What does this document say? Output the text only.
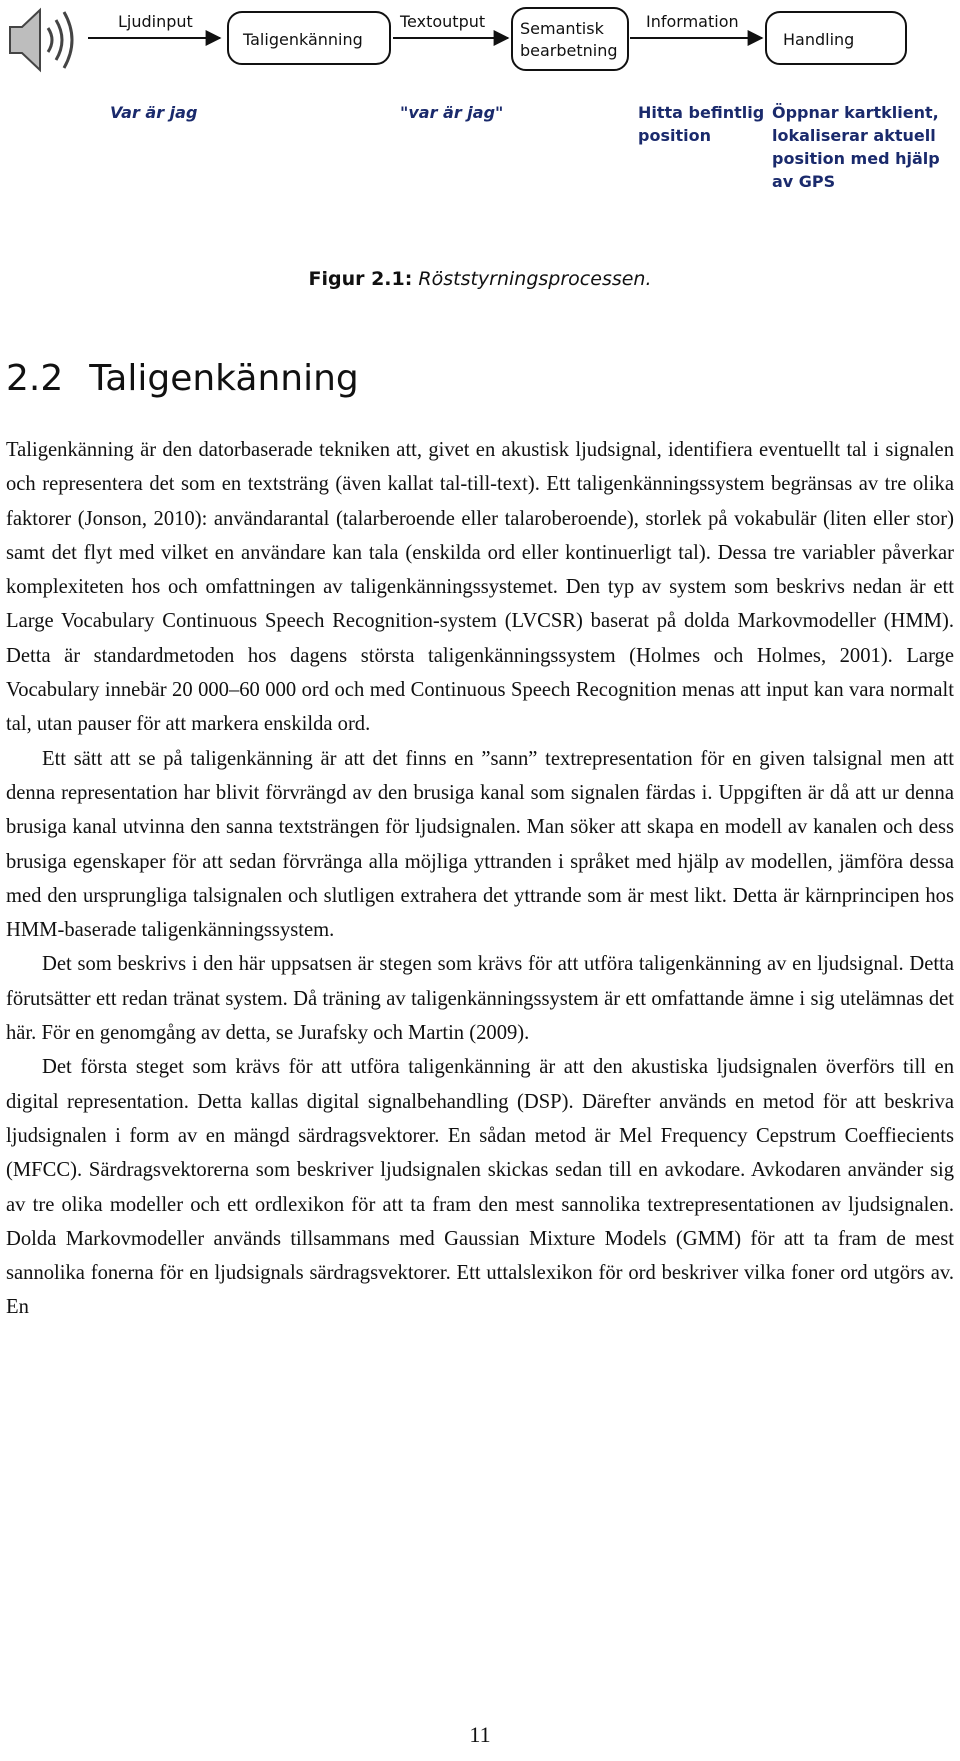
Ljudinput	Textoutput	Information
Taligenkänning
Semantisk
bearbetning
Handling
Var är jag	"var är jag"	Hitta befintlig
position
Öppnar kartklient,
lokaliserar aktuell
position med hjälp
av GPS
Figur 2.1: Röststyrningsprocessen.
2.2 Taligenkänning

Taligenkänning är den datorbaserade tekniken att, givet en akustisk ljudsignal, identifiera eventuellt tal i signalen och representera det som en textsträng (även kallat tal-till-text). Ett taligenkänningssystem begränsas av tre olika faktorer (Jonson, 2010): användarantal (talarberoende eller talaroberoende), storlek på vokabulär (liten eller stor) samt det flyt med vilket en användare kan tala (enskilda ord eller kontinuerligt tal). Dessa tre variabler påverkar komplexiteten hos och omfattningen av taligenkänningssystemet. Den typ av system som beskrivs nedan är ett Large Vocabulary Continuous Speech Recognition-system (LVCSR) baserat på dolda Markovmodeller (HMM). Detta är standardmetoden hos dagens största taligenkänningssystem (Holmes och Holmes, 2001). Large Vocabulary innebär 20 000–60 000 ord och med Continuous Speech Recognition menas att input kan vara normalt tal, utan pauser för att markera enskilda ord.

Ett sätt att se på taligenkänning är att det finns en ”sann” textrepresentation för en given talsignal men att denna representation har blivit förvrängd av den brusiga kanal som signalen färdas i. Uppgiften är då att ur denna brusiga kanal utvinna den sanna textsträngen för ljudsignalen. Man söker att skapa en modell av kanalen och dess brusiga egenskaper för att sedan förvränga alla möjliga yttranden i språket med hjälp av modellen, jämföra dessa med den ursprungliga talsignalen och slutligen extrahera det yttrande som är mest likt. Detta är kärnprincipen hos HMM-baserade taligenkänningssystem.

Det som beskrivs i den här uppsatsen är stegen som krävs för att utföra taligenkänning av en ljudsignal. Detta förutsätter ett redan tränat system. Då träning av taligenkänningssystem är ett omfattande ämne i sig utelämnas det här. För en genomgång av detta, se Jurafsky och Martin (2009).

Det första steget som krävs för att utföra taligenkänning är att den akustiska ljudsignalen överförs till en digital representation. Detta kallas digital signalbehandling (DSP). Därefter används en metod för att beskriva ljudsignalen i form av en mängd särdragsvektorer. En sådan metod är Mel Frequency Cepstrum Coeffiecients (MFCC). Särdragsvektorerna som beskriver ljudsignalen skickas sedan till en avkodare. Avkodaren använder sig av tre olika modeller och ett ordlexikon för att ta fram den mest sannolika textrepresentationen av ljudsignalen. Dolda Markovmodeller används tillsammans med Gaussian Mixture Models (GMM) för att ta fram de mest sannolika fonerna för en ljudsignals särdragsvektorer. Ett uttalslexikon för ord beskriver vilka foner ord utgörs av. En

11
